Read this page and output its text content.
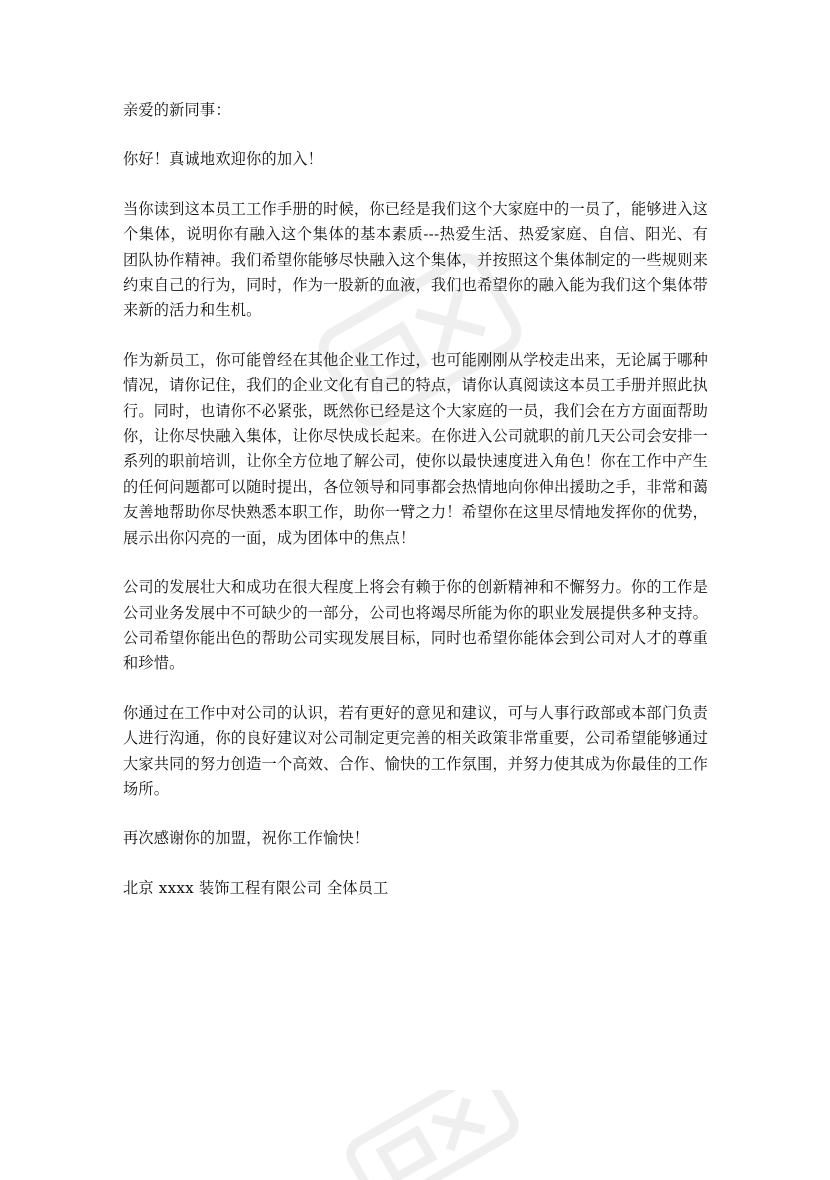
亲爱的新同事：

你好！真诚地欢迎你的加入！

当你读到这本员工工作手册的时候，你已经是我们这个大家庭中的一员了，能够进入这个集体，说明你有融入这个集体的基本素质---热爱生活、热爱家庭、自信、阳光、有团队协作精神。我们希望你能够尽快融入这个集体，并按照这个集体制定的一些规则来约束自己的行为，同时，作为一股新的血液，我们也希望你的融入能为我们这个集体带来新的活力和生机。

作为新员工，你可能曾经在其他企业工作过，也可能刚刚从学校走出来，无论属于哪种情况，请你记住，我们的企业文化有自己的特点，请你认真阅读这本员工手册并照此执行。同时，也请你不必紧张，既然你已经是这个大家庭的一员，我们会在方方面面帮助你，让你尽快融入集体，让你尽快成长起来。在你进入公司就职的前几天公司会安排一系列的职前培训，让你全方位地了解公司，使你以最快速度进入角色！你在工作中产生的任何问题都可以随时提出，各位领导和同事都会热情地向你伸出援助之手，非常和蔼友善地帮助你尽快熟悉本职工作，助你一臂之力！希望你在这里尽情地发挥你的优势，展示出你闪亮的一面，成为团体中的焦点！

公司的发展壮大和成功在很大程度上将会有赖于你的创新精神和不懈努力。你的工作是公司业务发展中不可缺少的一部分，公司也将竭尽所能为你的职业发展提供多种支持。公司希望你能出色的帮助公司实现发展目标，同时也希望你能体会到公司对人才的尊重和珍惜。

你通过在工作中对公司的认识，若有更好的意见和建议，可与人事行政部或本部门负责人进行沟通，你的良好建议对公司制定更完善的相关政策非常重要，公司希望能够通过大家共同的努力创造一个高效、合作、愉快的工作氛围，并努力使其成为你最佳的工作场所。

再次感谢你的加盟，祝你工作愉快！

北京 xxxx 装饰工程有限公司 全体员工
